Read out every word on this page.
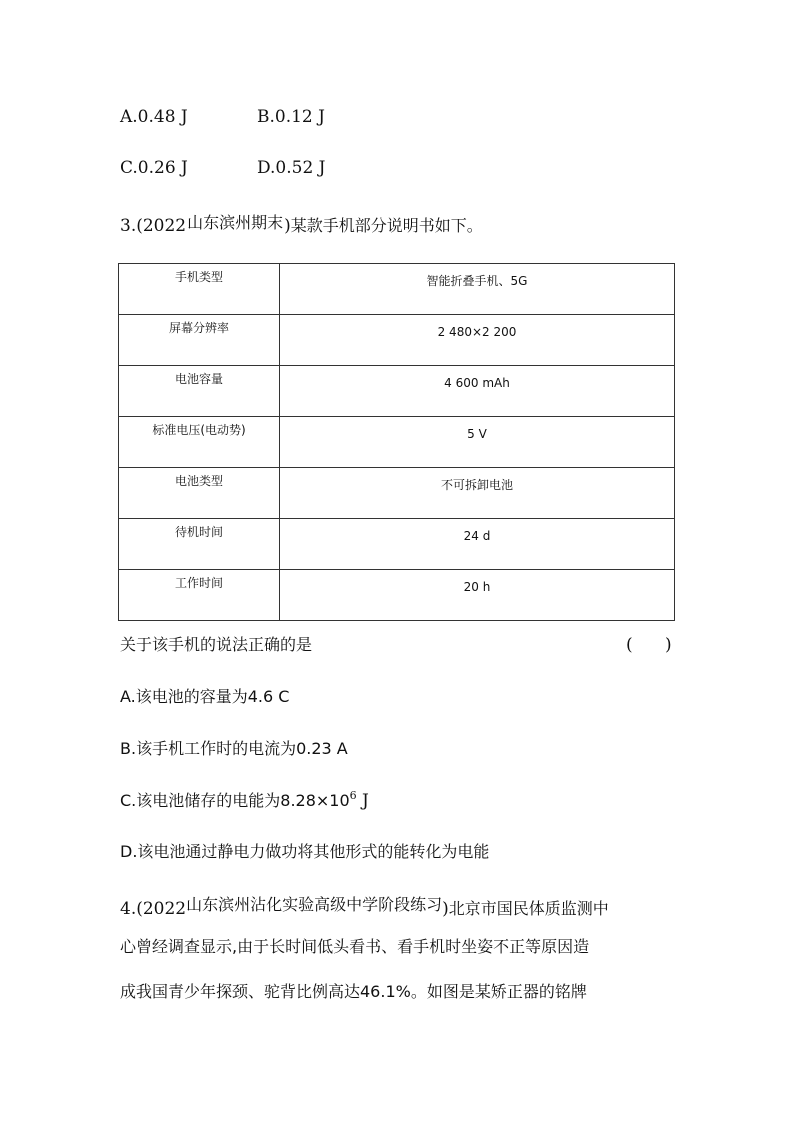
A.0.48 J	B.0.12 J
C.0.26 J	D.0.52 J
3.(2022山东滨州期末)某款手机部分说明书如下。
手机类型	智能折叠手机、5G

屏幕分辨率	2 480×2 200

电池容量	4 600 mAh

标准电压(电动势)	5 V

电池类型	不可拆卸电池

待机时间	24 d

工作时间	20 h
关于该手机的说法正确的是	(      )
A.该电池的容量为4.6 C
B.该手机工作时的电流为0.23 A
C.该电池储存的电能为$8.28\times 10^6$ J
D.该电池通过静电力做功将其他形式的能转化为电能
4.(2022山东滨州沾化实验高级中学阶段练习)北京市国民体质监测中
心曾经调查显示,由于长时间低头看书、看手机时坐姿不正等原因造
成我国青少年探颈、驼背比例高达46.1%。如图是某矫正器的铭牌
